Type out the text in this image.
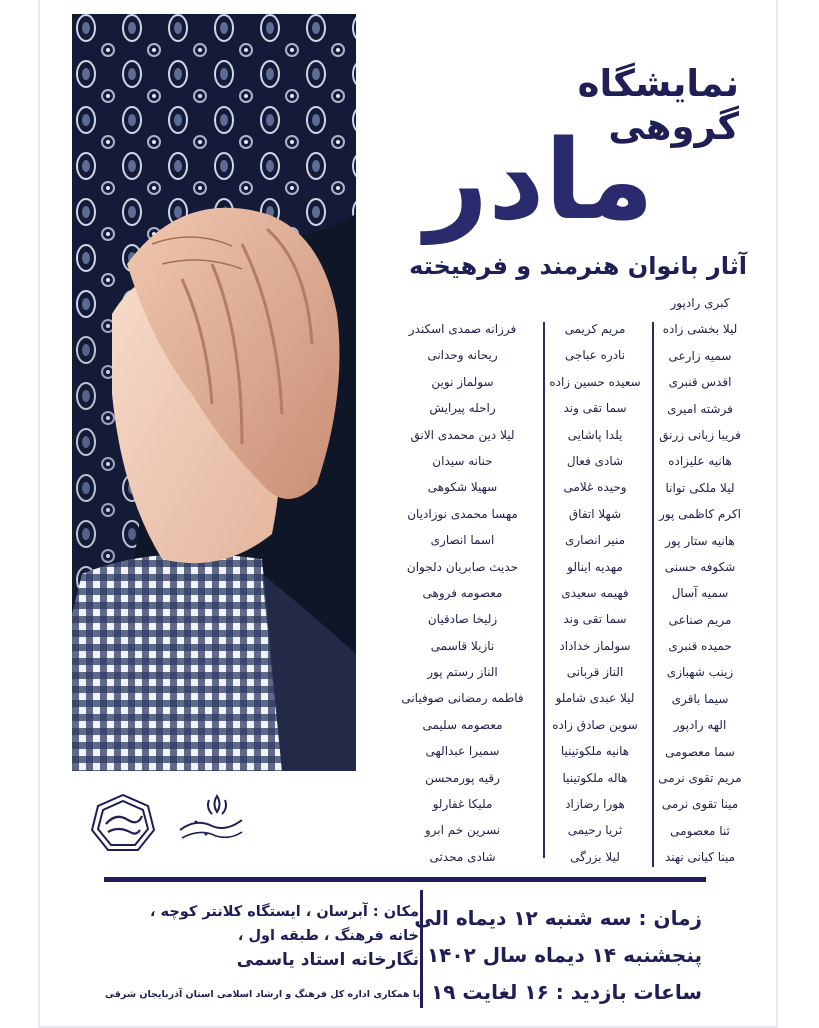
نمایشگاه گروهی
مادر
آثار بانوان هنرمند و فرهیخته
کبری رادپور
لیلا بخشی زاده
سمیه زارعی
اقدس قنبری
فرشته امیری
فریبا زبانی زرنق
هانیه علیزاده
لیلا ملکی توانا
اکرم کاظمی پور
هانیه ستار پور
شکوفه حسنی
سمیه آسال
مریم صناعی
حمیده قنبری
زینب شهبازی
سیما باقری
الهه رادپور
سما معصومی
مریم تقوی نرمی
مینا تقوی نرمی
ثنا معصومی
مینا کیانی نهند
مریم کریمی
نادره عباجی
سعیده حسین زاده
سما تقی وند
یلدا پاشایی
شادی فعال
وحیده غلامی
شهلا اتفاق
منیر انصاری
مهدیه اینالو
فهیمه سعیدی
سما تقی وند
سولماز خداداد
الناز قربانی
لیلا عبدی شاملو
سوین صادق زاده
هانیه ملکوتینیا
هاله ملکوتینیا
هورا رضازاد
ثریا رحیمی
لیلا بزرگی
فرزانه صمدی اسکندر
ریحانه وحدانی
سولماز نوین
راحله پیرایش
لیلا دین محمدی الانق
حنانه سیدان
سهیلا شکوهی
مهسا محمدی نوزادیان
اسما انصاری
حدیث صابریان دلجوان
معصومه فروهی
زلیخا صادقیان
نازیلا قاسمی
الناز رستم پور
فاطمه رمضانی صوفیانی
معصومه سلیمی
سمیرا عبدالهی
رقیه پورمحسن
ملیکا غفارلو
نسرین خم ابرو
شادی محدثی
زمان : سه شنبه ۱۲ دیماه الی
پنجشنبه ۱۴ دیماه سال ۱۴۰۲
ساعات بازدید : ۱۶ لغایت ۱۹
مکان : آبرسان ، ایستگاه کلانتر کوچه ،
خانه فرهنگ ، طبقه اول ،
نگارخانه استاد یاسمی
با همکاری اداره کل فرهنگ و ارشاد اسلامی استان آذربایجان شرقی
